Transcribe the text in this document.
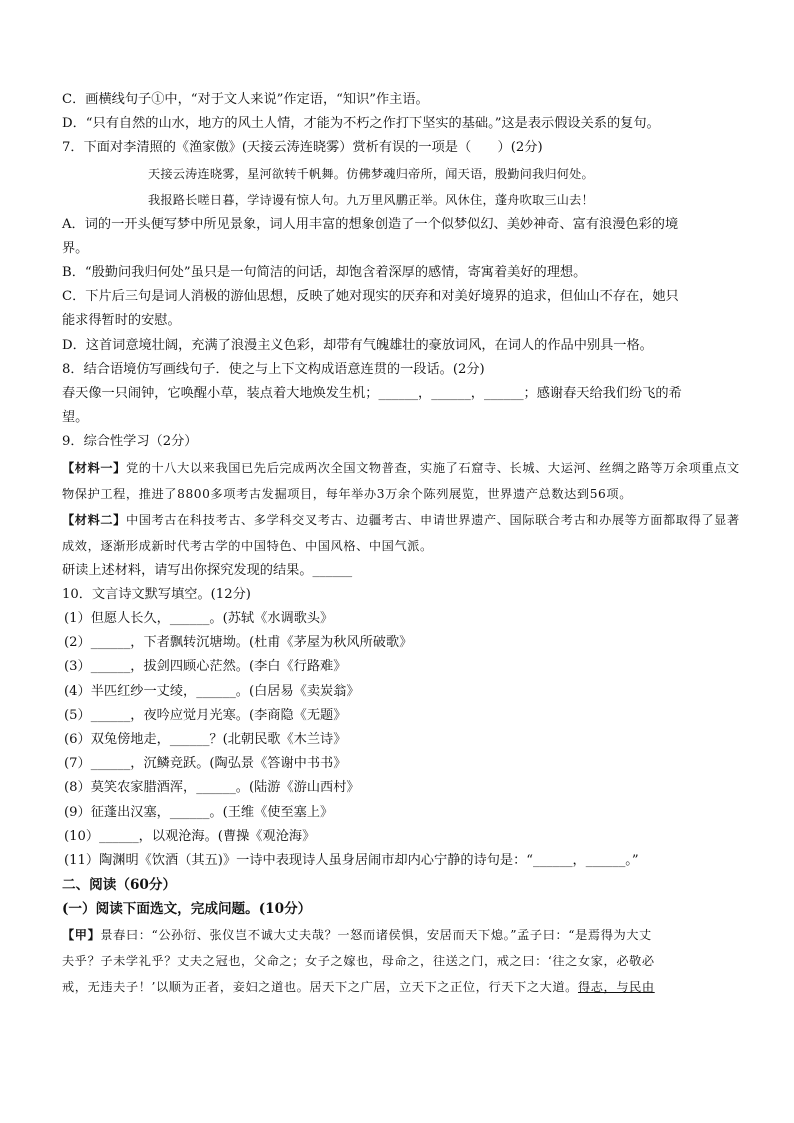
C．画横线句子①中，“对于文人来说”作定语，“知识”作主语。
D．“只有自然的山水，地方的风土人情，才能为不朽之作打下坚实的基础。”这是表示假设关系的复句。
7．下面对李清照的《渔家傲》(天接云涛连晓雾）赏析有误的一项是（　　）(2分)
天接云涛连晓雾，星河欲转千帆舞。仿佛梦魂归帝所，闻天语，殷勤问我归何处。
我报路长嗟日暮，学诗谩有惊人句。九万里风鹏正举。风休住，蓬舟吹取三山去！
A．词的一开头便写梦中所见景象，词人用丰富的想象创造了一个似梦似幻、美妙神奇、富有浪漫色彩的境
界。
B．“殷勤问我归何处”虽只是一句简洁的问话，却饱含着深厚的感情，寄寓着美好的理想。
C．下片后三句是词人消极的游仙思想，反映了她对现实的厌弃和对美好境界的追求，但仙山不存在，她只
能求得暂时的安慰。
D．这首词意境壮阔，充满了浪漫主义色彩，却带有气魄雄壮的豪放词风，在词人的作品中别具一格。
8．结合语境仿写画线句子．使之与上下文构成语意连贯的一段话。(2分)
春天像一只闹钟，它唤醒小草，装点着大地焕发生机；______，______，______；感谢春天给我们纷飞的希
望。
9．综合性学习（2分）
【材料一】党的十八大以来我国已先后完成两次全国文物普查，实施了石窟寺、长城、大运河、丝绸之路等万余项重点文物保护工程，推进了8800多项考古发掘项目，每年举办3万余个陈列展览，世界遗产总数达到56项。
【材料二】中国考古在科技考古、多学科交叉考古、边疆考古、申请世界遗产、国际联合考古和办展等方面都取得了显著成效，逐渐形成新时代考古学的中国特色、中国风格、中国气派。
研读上述材料，请写出你探究发现的结果。______
10．文言诗文默写填空。(12分)
(1）但愿人长久，______。(苏轼《水调歌头》
(2）______，下者飘转沉塘坳。(杜甫《茅屋为秋风所破歌》
(3）______，拔剑四顾心茫然。(李白《行路难》
(4）半匹红纱一丈绫，______。(白居易《卖炭翁》
(5）______，夜吟应觉月光寒。(李商隐《无题》
(6）双兔傍地走，______？(北朝民歌《木兰诗》
(7）______，沉鳞竞跃。(陶弘景《答谢中书书》
(8）莫笑农家腊酒浑，______。(陆游《游山西村》
(9）征蓬出汉塞，______。(王维《使至塞上》
(10）______，以观沧海。(曹操《观沧海》
(11）陶渊明《饮酒（其五)》一诗中表现诗人虽身居闹市却内心宁静的诗句是：“______，______。”
二、阅读（60分）
(一）阅读下面选文，完成问题。(10分）
【甲】景春曰：“公孙衍、张仪岂不诚大丈夫哉？一怒而诸侯惧，安居而天下熄。”孟子曰：“是焉得为大丈
夫乎？子未学礼乎？丈夫之冠也，父命之；女子之嫁也，母命之，往送之门，戒之曰：‘往之女家，必敬必
戒，无违夫子！’以顺为正者，妾妇之道也。居天下之广居，立天下之正位，行天下之大道。得志，与民由
